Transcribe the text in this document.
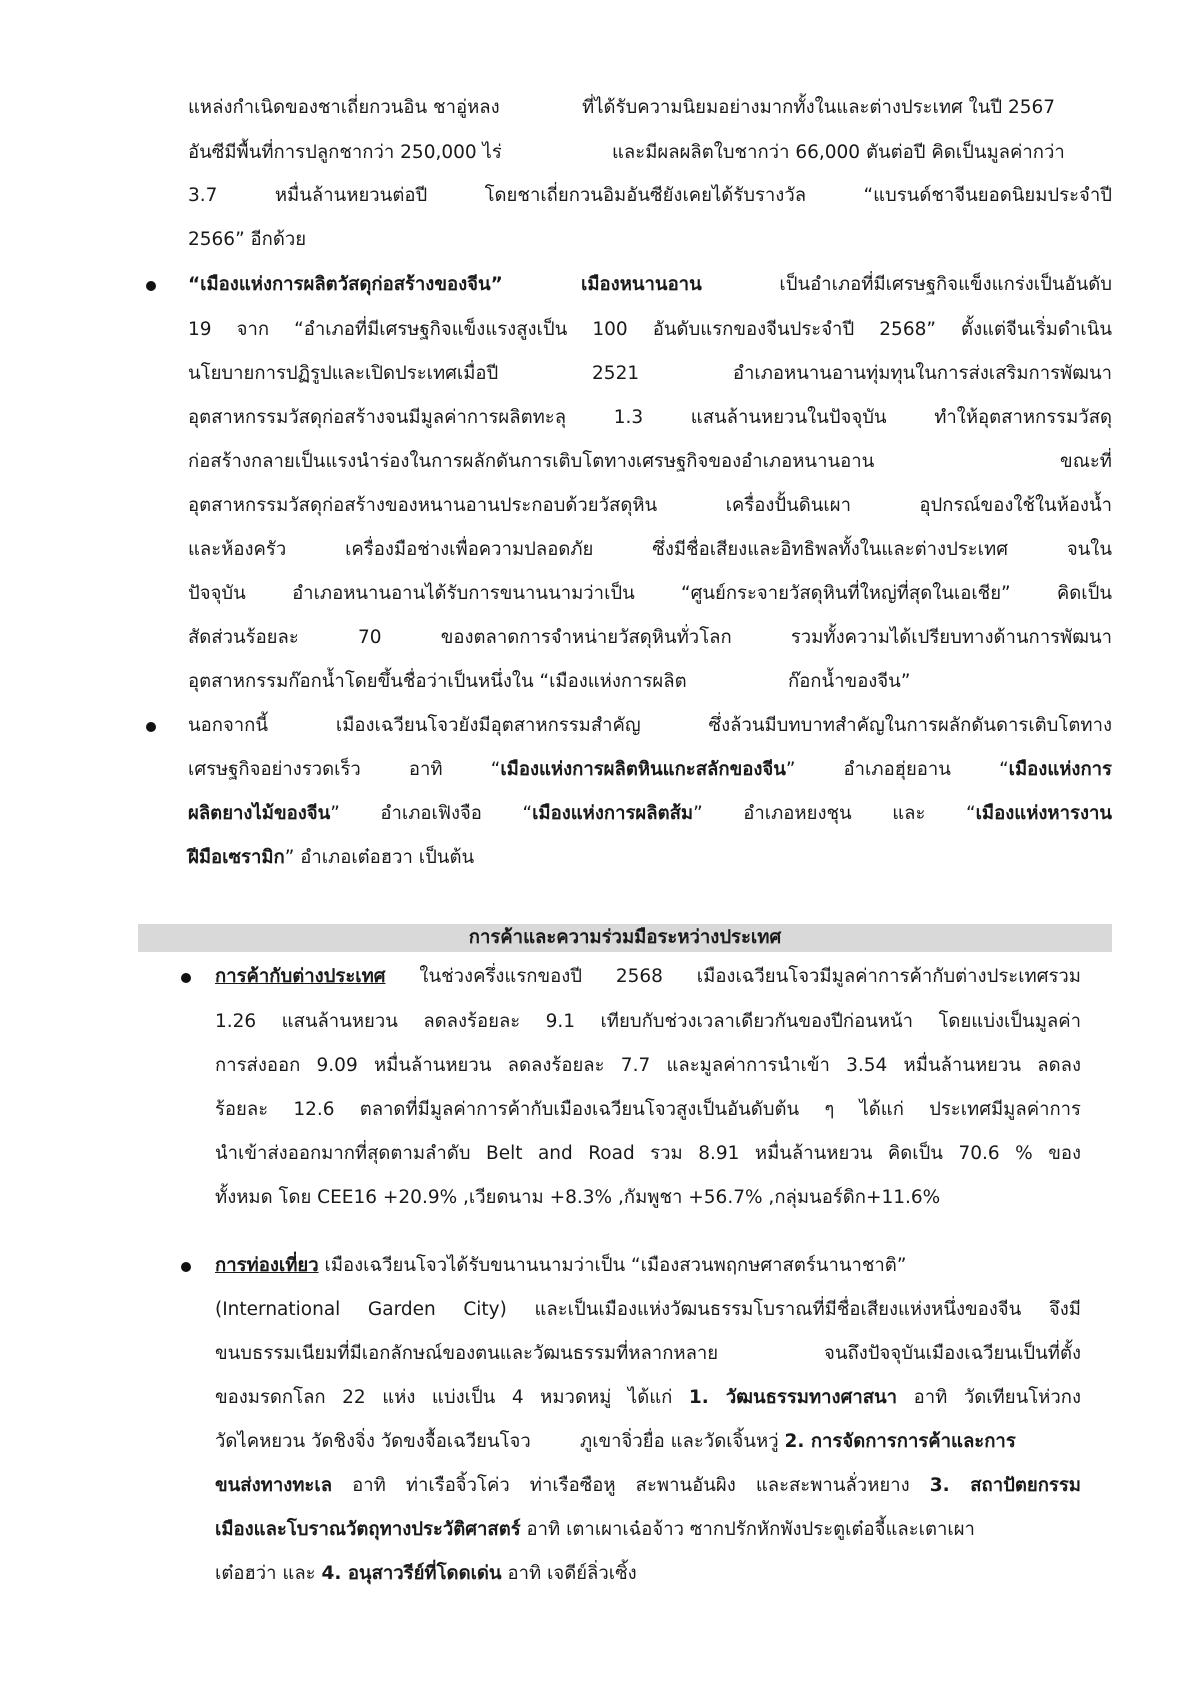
แหล่งกำเนิดของชาเถี่ยกวนอิน ชาอู่หลง	ที่ได้รับความนิยมอย่างมากทั้งในและต่างประเทศ ในปี 2567
อันซีมีพื้นที่การปลูกชากว่า 250,000 ไร่	และมีผลผลิตใบชากว่า 66,000 ตันต่อปี คิดเป็นมูลค่ากว่า
3.7 หมื่นล้านหยวนต่อปี โดยชาเถี่ยกวนอิมอันซียังเคยได้รับรางวัล “แบรนด์ชาจีนยอดนิยมประจำปี
2566” อีกด้วย
“เมืองแห่งการผลิตวัสดุก่อสร้างของจีน” เมืองหนานอาน เป็นอำเภอที่มีเศรษฐกิจแข็งแกร่งเป็นอันดับ
19 จาก “อำเภอที่มีเศรษฐกิจแข็งแรงสูงเป็น 100 อันดับแรกของจีนประจำปี 2568” ตั้งแต่จีนเริ่มดำเนิน
นโยบายการปฏิรูปและเปิดประเทศเมื่อปี 2521 อำเภอหนานอานทุ่มทุนในการส่งเสริมการพัฒนา
อุตสาหกรรมวัสดุก่อสร้างจนมีมูลค่าการผลิตทะลุ 1.3 แสนล้านหยวนในปัจจุบัน ทำให้อุตสาหกรรมวัสดุ
ก่อสร้างกลายเป็นแรงนำร่องในการผลักดันการเติบโตทางเศรษฐกิจของอำเภอหนานอาน ขณะที่
อุตสาหกรรมวัสดุก่อสร้างของหนานอานประกอบด้วยวัสดุหิน เครื่องปั้นดินเผา อุปกรณ์ของใช้ในห้องน้ำ
และห้องครัว เครื่องมือช่างเพื่อความปลอดภัย ซึ่งมีชื่อเสียงและอิทธิพลทั้งในและต่างประเทศ จนใน
ปัจจุบัน อำเภอหนานอานได้รับการขนานนามว่าเป็น “ศูนย์กระจายวัสดุหินที่ใหญ่ที่สุดในเอเชีย” คิดเป็น
สัดส่วนร้อยละ 70 ของตลาดการจำหน่ายวัสดุหินทั่วโลก รวมทั้งความได้เปรียบทางด้านการพัฒนา
อุตสาหกรรมก๊อกน้ำโดยขึ้นชื่อว่าเป็นหนึ่งใน “เมืองแห่งการผลิต	ก๊อกน้ำของจีน”
นอกจากนี้ เมืองเฉวียนโจวยังมีอุตสาหกรรมสำคัญ ซึ่งล้วนมีบทบาทสำคัญในการผลักดันดารเติบโตทาง
เศรษฐกิจอย่างรวดเร็ว อาทิ “เมืองแห่งการผลิตหินแกะสลักของจีน” อำเภอฮุ่ยอาน “เมืองแห่งการ
ผลิตยางไม้ของจีน” อำเภอเฟิงจือ “เมืองแห่งการผลิตส้ม” อำเภอหยงชุน และ “เมืองแห่งหารงาน
ฝีมือเซรามิก” อำเภอเต๋อฮวา เป็นต้น
การค้าและความร่วมมือระหว่างประเทศ
การค้ากับต่างประเทศ ในช่วงครึ่งแรกของปี 2568 เมืองเฉวียนโจวมีมูลค่าการค้ากับต่างประเทศรวม
1.26 แสนล้านหยวน ลดลงร้อยละ 9.1 เทียบกับช่วงเวลาเดียวกันของปีก่อนหน้า โดยแบ่งเป็นมูลค่า
การส่งออก 9.09 หมื่นล้านหยวน ลดลงร้อยละ 7.7 และมูลค่าการนำเข้า 3.54 หมื่นล้านหยวน ลดลง
ร้อยละ 12.6 ตลาดที่มีมูลค่าการค้ากับเมืองเฉวียนโจวสูงเป็นอันดับต้น ๆ ได้แก่ ประเทศมีมูลค่าการ
นำเข้าส่งออกมากที่สุดตามลำดับ Belt and Road รวม 8.91 หมื่นล้านหยวน คิดเป็น 70.6 % ของ
ทั้งหมด โดย CEE16 +20.9% ,เวียดนาม +8.3% ,กัมพูชา +56.7% ,กลุ่มนอร์ดิก+11.6%
การท่องเที่ยว เมืองเฉวียนโจวได้รับขนานนามว่าเป็น “เมืองสวนพฤกษศาสตร์นานาชาติ”
(International Garden City) และเป็นเมืองแห่งวัฒนธรรมโบราณที่มีชื่อเสียงแห่งหนึ่งของจีน จึงมี
ขนบธรรมเนียมที่มีเอกลักษณ์ของตนและวัฒนธรรมที่หลากหลาย จนถึงปัจจุบันเมืองเฉวียนเป็นที่ตั้ง
ของมรดกโลก 22 แห่ง แบ่งเป็น 4 หมวดหมู่ ได้แก่ 1. วัฒนธรรมทางศาสนา อาทิ วัดเทียนโห่วกง
วัดไคหยวน วัดชิงจิ่ง วัดขงจื้อเฉวียนโจว	ภูเขาจิ่วยื่อ และวัดเจิ้นหวู่ 2. การจัดการการค้าและการ
ขนส่งทางทะเล อาทิ ท่าเรือจิ้วโค่ว ท่าเรือซือหู สะพานอันผิง และสะพานลั่วหยาง 3. สถาปัตยกรรม
เมืองและโบราณวัตถุทางประวัติศาสตร์ อาทิ เตาเผาเฉ๋อจ้าว ซากปรักหักพังประตูเต๋อจี้และเตาเผา
เต๋อฮว่า และ 4. อนุสาวรีย์ที่โดดเด่น อาทิ เจดีย์ลิ่วเซิ้ง
